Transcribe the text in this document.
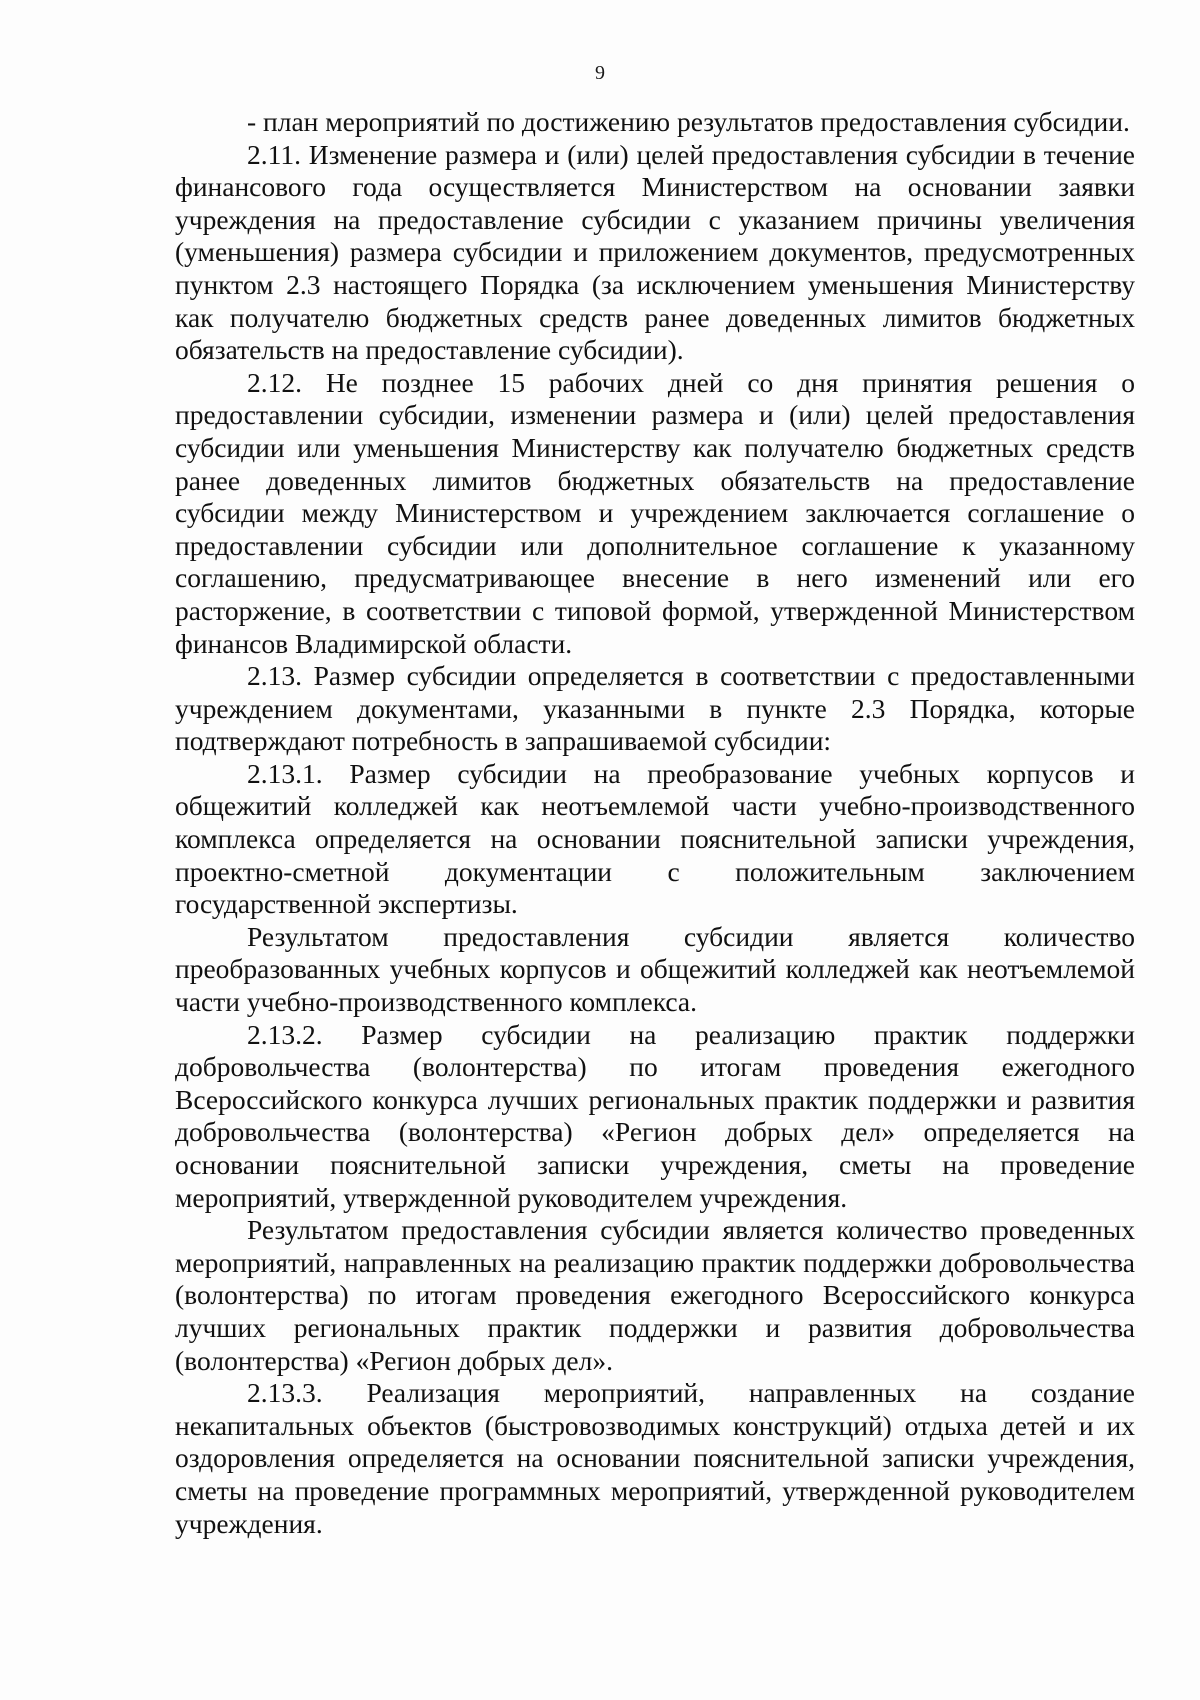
9

- план мероприятий по достижению результатов предоставления субсидии.

2.11. Изменение размера и (или) целей предоставления субсидии в течение финансового года осуществляется Министерством на основании заявки учреждения на предоставление субсидии с указанием причины увеличения (уменьшения) размера субсидии и приложением документов, предусмотренных пунктом 2.3 настоящего Порядка (за исключением уменьшения Министерству как получателю бюджетных средств ранее доведенных лимитов бюджетных обязательств на предоставление субсидии).

2.12. Не позднее 15 рабочих дней со дня принятия решения о предоставлении субсидии, изменении размера и (или) целей предоставления субсидии или уменьшения Министерству как получателю бюджетных средств ранее доведенных лимитов бюджетных обязательств на предоставление субсидии между Министерством и учреждением заключается соглашение о предоставлении субсидии или дополнительное соглашение к указанному соглашению, предусматривающее внесение в него изменений или его расторжение, в соответствии с типовой формой, утвержденной Министерством финансов Владимирской области.

2.13. Размер субсидии определяется в соответствии с предоставленными учреждением документами, указанными в пункте 2.3 Порядка, которые подтверждают потребность в запрашиваемой субсидии:

2.13.1. Размер субсидии на преобразование учебных корпусов и общежитий колледжей как неотъемлемой части учебно-производственного комплекса определяется на основании пояснительной записки учреждения, проектно-сметной документации с положительным заключением государственной экспертизы.

Результатом предоставления субсидии является количество преобразованных учебных корпусов и общежитий колледжей как неотъемлемой части учебно-производственного комплекса.

2.13.2. Размер субсидии на реализацию практик поддержки добровольчества (волонтерства) по итогам проведения ежегодного Всероссийского конкурса лучших региональных практик поддержки и развития добровольчества (волонтерства) «Регион добрых дел» определяется на основании пояснительной записки учреждения, сметы на проведение мероприятий, утвержденной руководителем учреждения.

Результатом предоставления субсидии является количество проведенных мероприятий, направленных на реализацию практик поддержки добровольчества (волонтерства) по итогам проведения ежегодного Всероссийского конкурса лучших региональных практик поддержки и развития добровольчества (волонтерства) «Регион добрых дел».

2.13.3. Реализация мероприятий, направленных на создание некапитальных объектов (быстровозводимых конструкций) отдыха детей и их оздоровления определяется на основании пояснительной записки учреждения, сметы на проведение программных мероприятий, утвержденной руководителем учреждения.
